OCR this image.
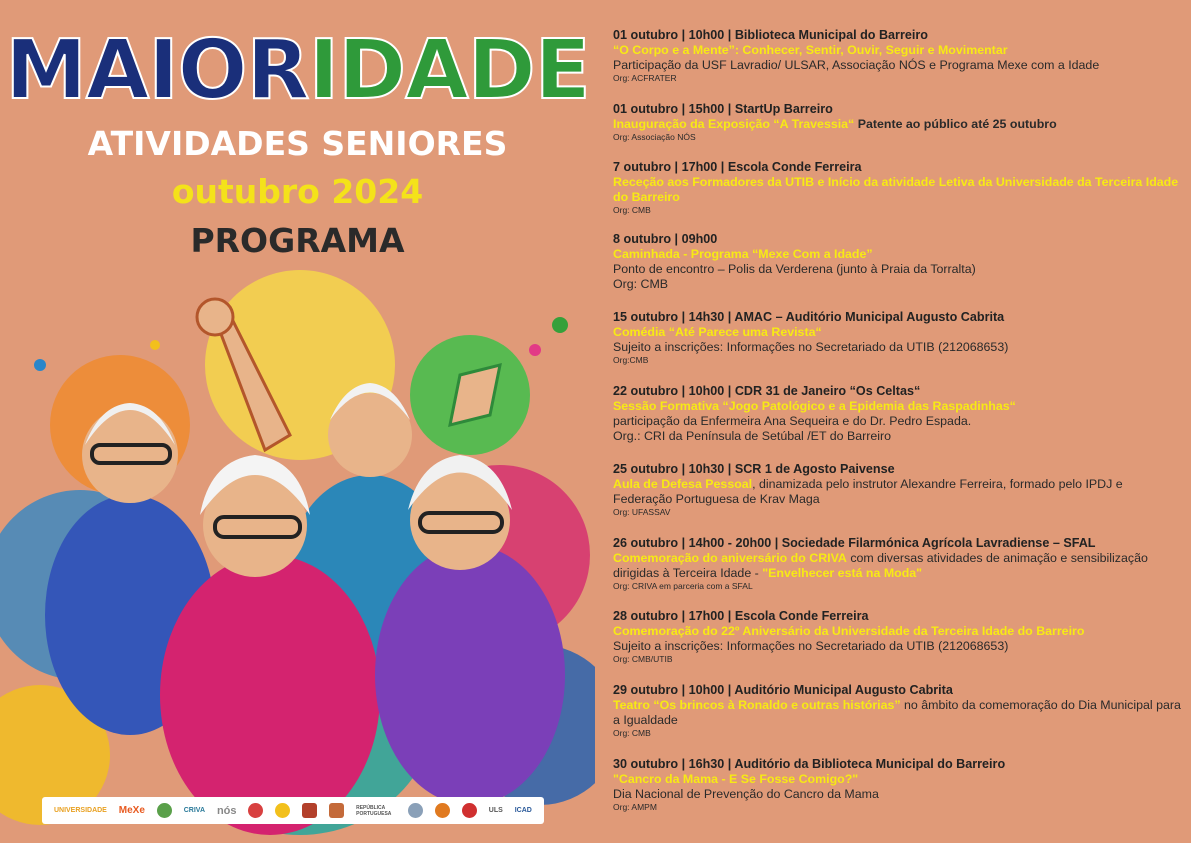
MAIORIDADE
ATIVIDADES SENIORES
outubro 2024
PROGRAMA
UNIVERSIDADE MeXe	CRIVA nós	REPÚBLICA PORTUGUESA	ULS ICAD
01 outubro | 10h00 | Biblioteca Municipal do Barreiro
“O Corpo e a Mente”: Conhecer, Sentir, Ouvir, Seguir e Movimentar
Participação da USF Lavradio/ ULSAR, Associação NÓS e Programa Mexe com a Idade
Org: ACFRATER
01 outubro | 15h00 | StartUp Barreiro
Inauguração da Exposição “A Travessia“ Patente ao público até 25 outubro
Org: Associação NÓS
7 outubro | 17h00 | Escola Conde Ferreira
Receção aos Formadores da UTIB e Início da atividade Letiva da Universidade da Terceira Idade do Barreiro
Org: CMB
8 outubro | 09h00
Caminhada - Programa “Mexe Com a Idade”
Ponto de encontro – Polis da Verderena (junto à Praia da Torralta)
Org: CMB
15 outubro | 14h30 | AMAC – Auditório Municipal Augusto Cabrita
Comédia “Até Parece uma Revista“
Sujeito a inscrições: Informações no Secretariado da UTIB (212068653)
Org:CMB
22 outubro | 10h00 | CDR 31 de Janeiro “Os Celtas“
Sessão Formativa “Jogo Patológico e a Epidemia das Raspadinhas“
participação da Enfermeira Ana Sequeira e do Dr. Pedro Espada.
Org.: CRI da Península de Setúbal /ET do Barreiro
25 outubro | 10h30 | SCR 1 de Agosto Paivense
Aula de Defesa Pessoal, dinamizada pelo instrutor Alexandre Ferreira, formado pelo IPDJ e Federação Portuguesa de Krav Maga
Org: UFASSAV
26 outubro | 14h00 - 20h00 | Sociedade Filarmónica Agrícola Lavradiense – SFAL
Comemoração do aniversário do CRIVA com diversas atividades de animação e sensibilização dirigidas à Terceira Idade - "Envelhecer está na Moda"
Org: CRIVA em parceria com a SFAL
28 outubro | 17h00 | Escola Conde Ferreira
Comemoração do 22º Aniversário da Universidade da Terceira Idade do Barreiro
Sujeito a inscrições: Informações no Secretariado da UTIB (212068653)
Org: CMB/UTIB
29 outubro | 10h00 | Auditório Municipal Augusto Cabrita
Teatro “Os brincos à Ronaldo e outras histórias” no âmbito da comemoração do Dia Municipal para a Igualdade
Org: CMB
30 outubro | 16h30 | Auditório da Biblioteca Municipal do Barreiro
"Cancro da Mama - E Se Fosse Comigo?"
Dia Nacional de Prevenção do Cancro da Mama
Org: AMPM
